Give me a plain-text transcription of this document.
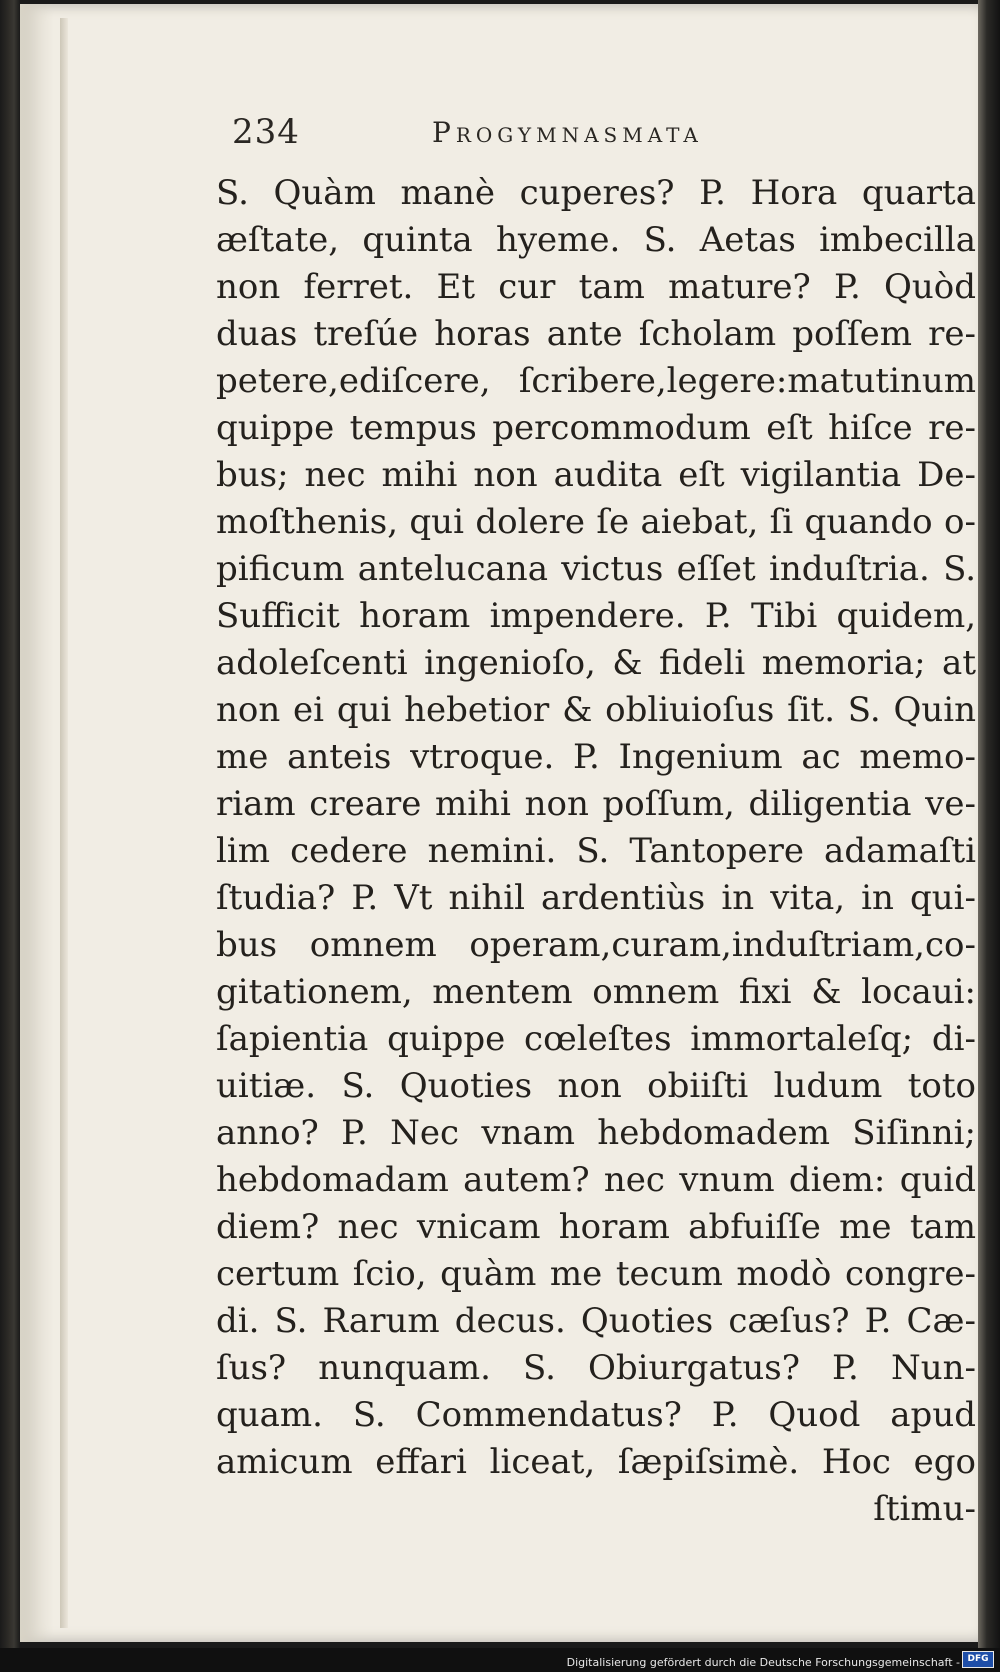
234	Progymnasmata
S. Quàm manè cuperes? P. Hora quarta
æſtate, quinta hyeme. S. Aetas imbecilla
non ferret. Et cur tam mature? P. Quòd
duas treſúe horas ante ſcholam poſſem re-
petere,ediſcere, ſcribere,legere:matutinum
quippe tempus percommodum eſt hiſce re-
bus; nec mihi non audita eſt vigilantia De-
moſthenis, qui dolere ſe aiebat, ſi quando o-
pificum antelucana victus eſſet induſtria. S.
Sufficit horam impendere. P. Tibi quidem,
adoleſcenti ingenioſo, & fideli memoria; at
non ei qui hebetior & obliuioſus ſit. S. Quin
me anteis vtroque. P. Ingenium ac memo-
riam creare mihi non poſſum, diligentia ve-
lim cedere nemini. S. Tantopere adamaſti
ſtudia? P. Vt nihil ardentiùs in vita, in qui-
bus omnem operam,curam,induſtriam,co-
gitationem, mentem omnem fixi & locaui:
ſapientia quippe cœleſtes immortaleſq; di-
uitiæ. S. Quoties non obiiſti ludum toto
anno? P. Nec vnam hebdomadem Siſinni;
hebdomadam autem? nec vnum diem: quid
diem? nec vnicam horam abfuiſſe me tam
certum ſcio, quàm me tecum modò congre-
di. S. Rarum decus. Quoties cæſus? P. Cæ-
ſus? nunquam. S. Obiurgatus? P. Nun-
quam. S. Commendatus? P. Quod apud
amicum effari liceat, ſæpiſsimè. Hoc ego
ſtimu-
Digitalisierung gefördert durch die Deutsche Forschungsgemeinschaft - DFG
